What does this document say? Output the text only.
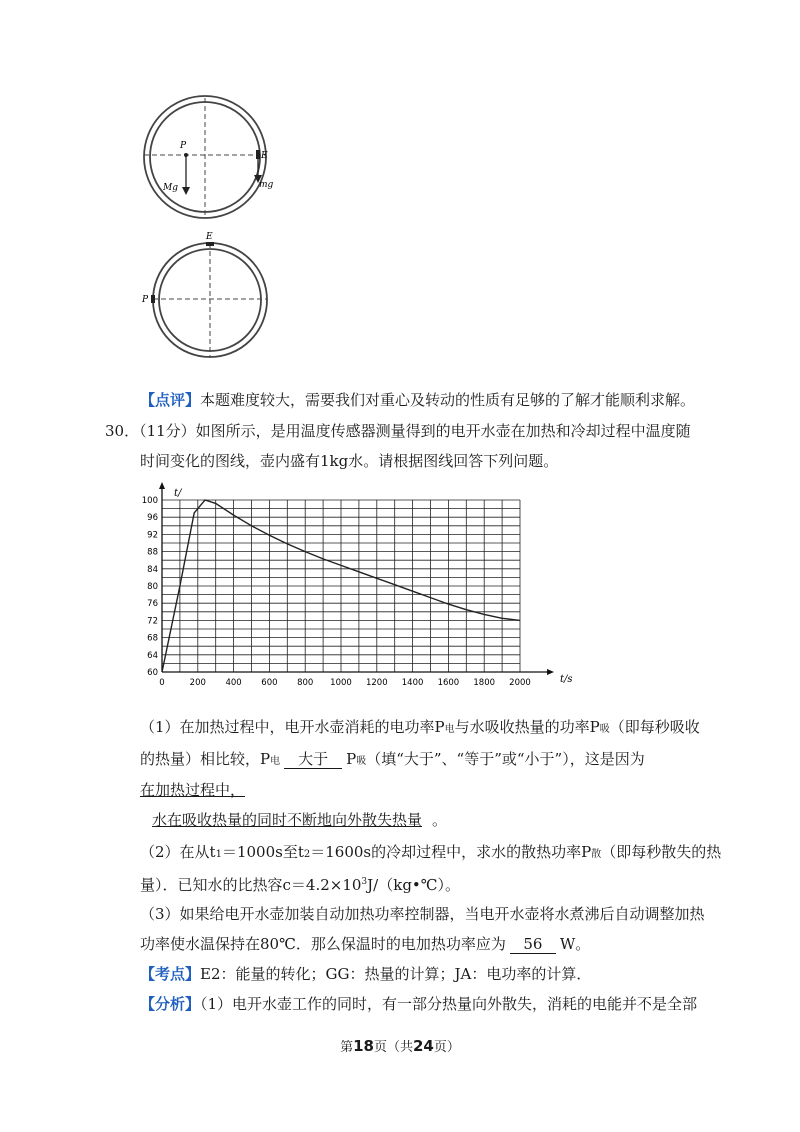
P
E
Mg	mg
E
P
【点评】本题难度较大，需要我们对重心及转动的性质有足够的了解才能顺利求解。
30．（11分）如图所示，是用温度传感器测量得到的电开水壶在加热和冷却过程中温度随
时间变化的图线，壶内盛有1kg水。请根据图线回答下列问题。
0	200 400 600 800 1000 1200 1400 1600 1800 2000
60
64
68
72
76
80
84
88
92
96
100
t/
t/s
（1）在加热过程中，电开水壶消耗的电功率P电与水吸收热量的功率P吸（即每秒吸收
的热量）相比较，P电 大于 P吸（填“大于”、“等于”或“小于”），这是因为
在加热过程中，
水在吸收热量的同时不断地向外散失热量 。
（2）在从t1＝1000s至t2＝1600s的冷却过程中，求水的散热功率P散（即每秒散失的热
量）．已知水的比热容$c=4.2\times 10^3J/(kg•℃)$。
（3）如果给电开水壶加装自动加热功率控制器，当电开水壶将水煮沸后自动调整加热
功率使水温保持在80℃．那么保温时的电加热功率应为 56 W。
【考点】E2：能量的转化；GG：热量的计算；JA：电功率的计算．
【分析】（1）电开水壶工作的同时，有一部分热量向外散失，消耗的电能并不是全部
第18页（共24页）
